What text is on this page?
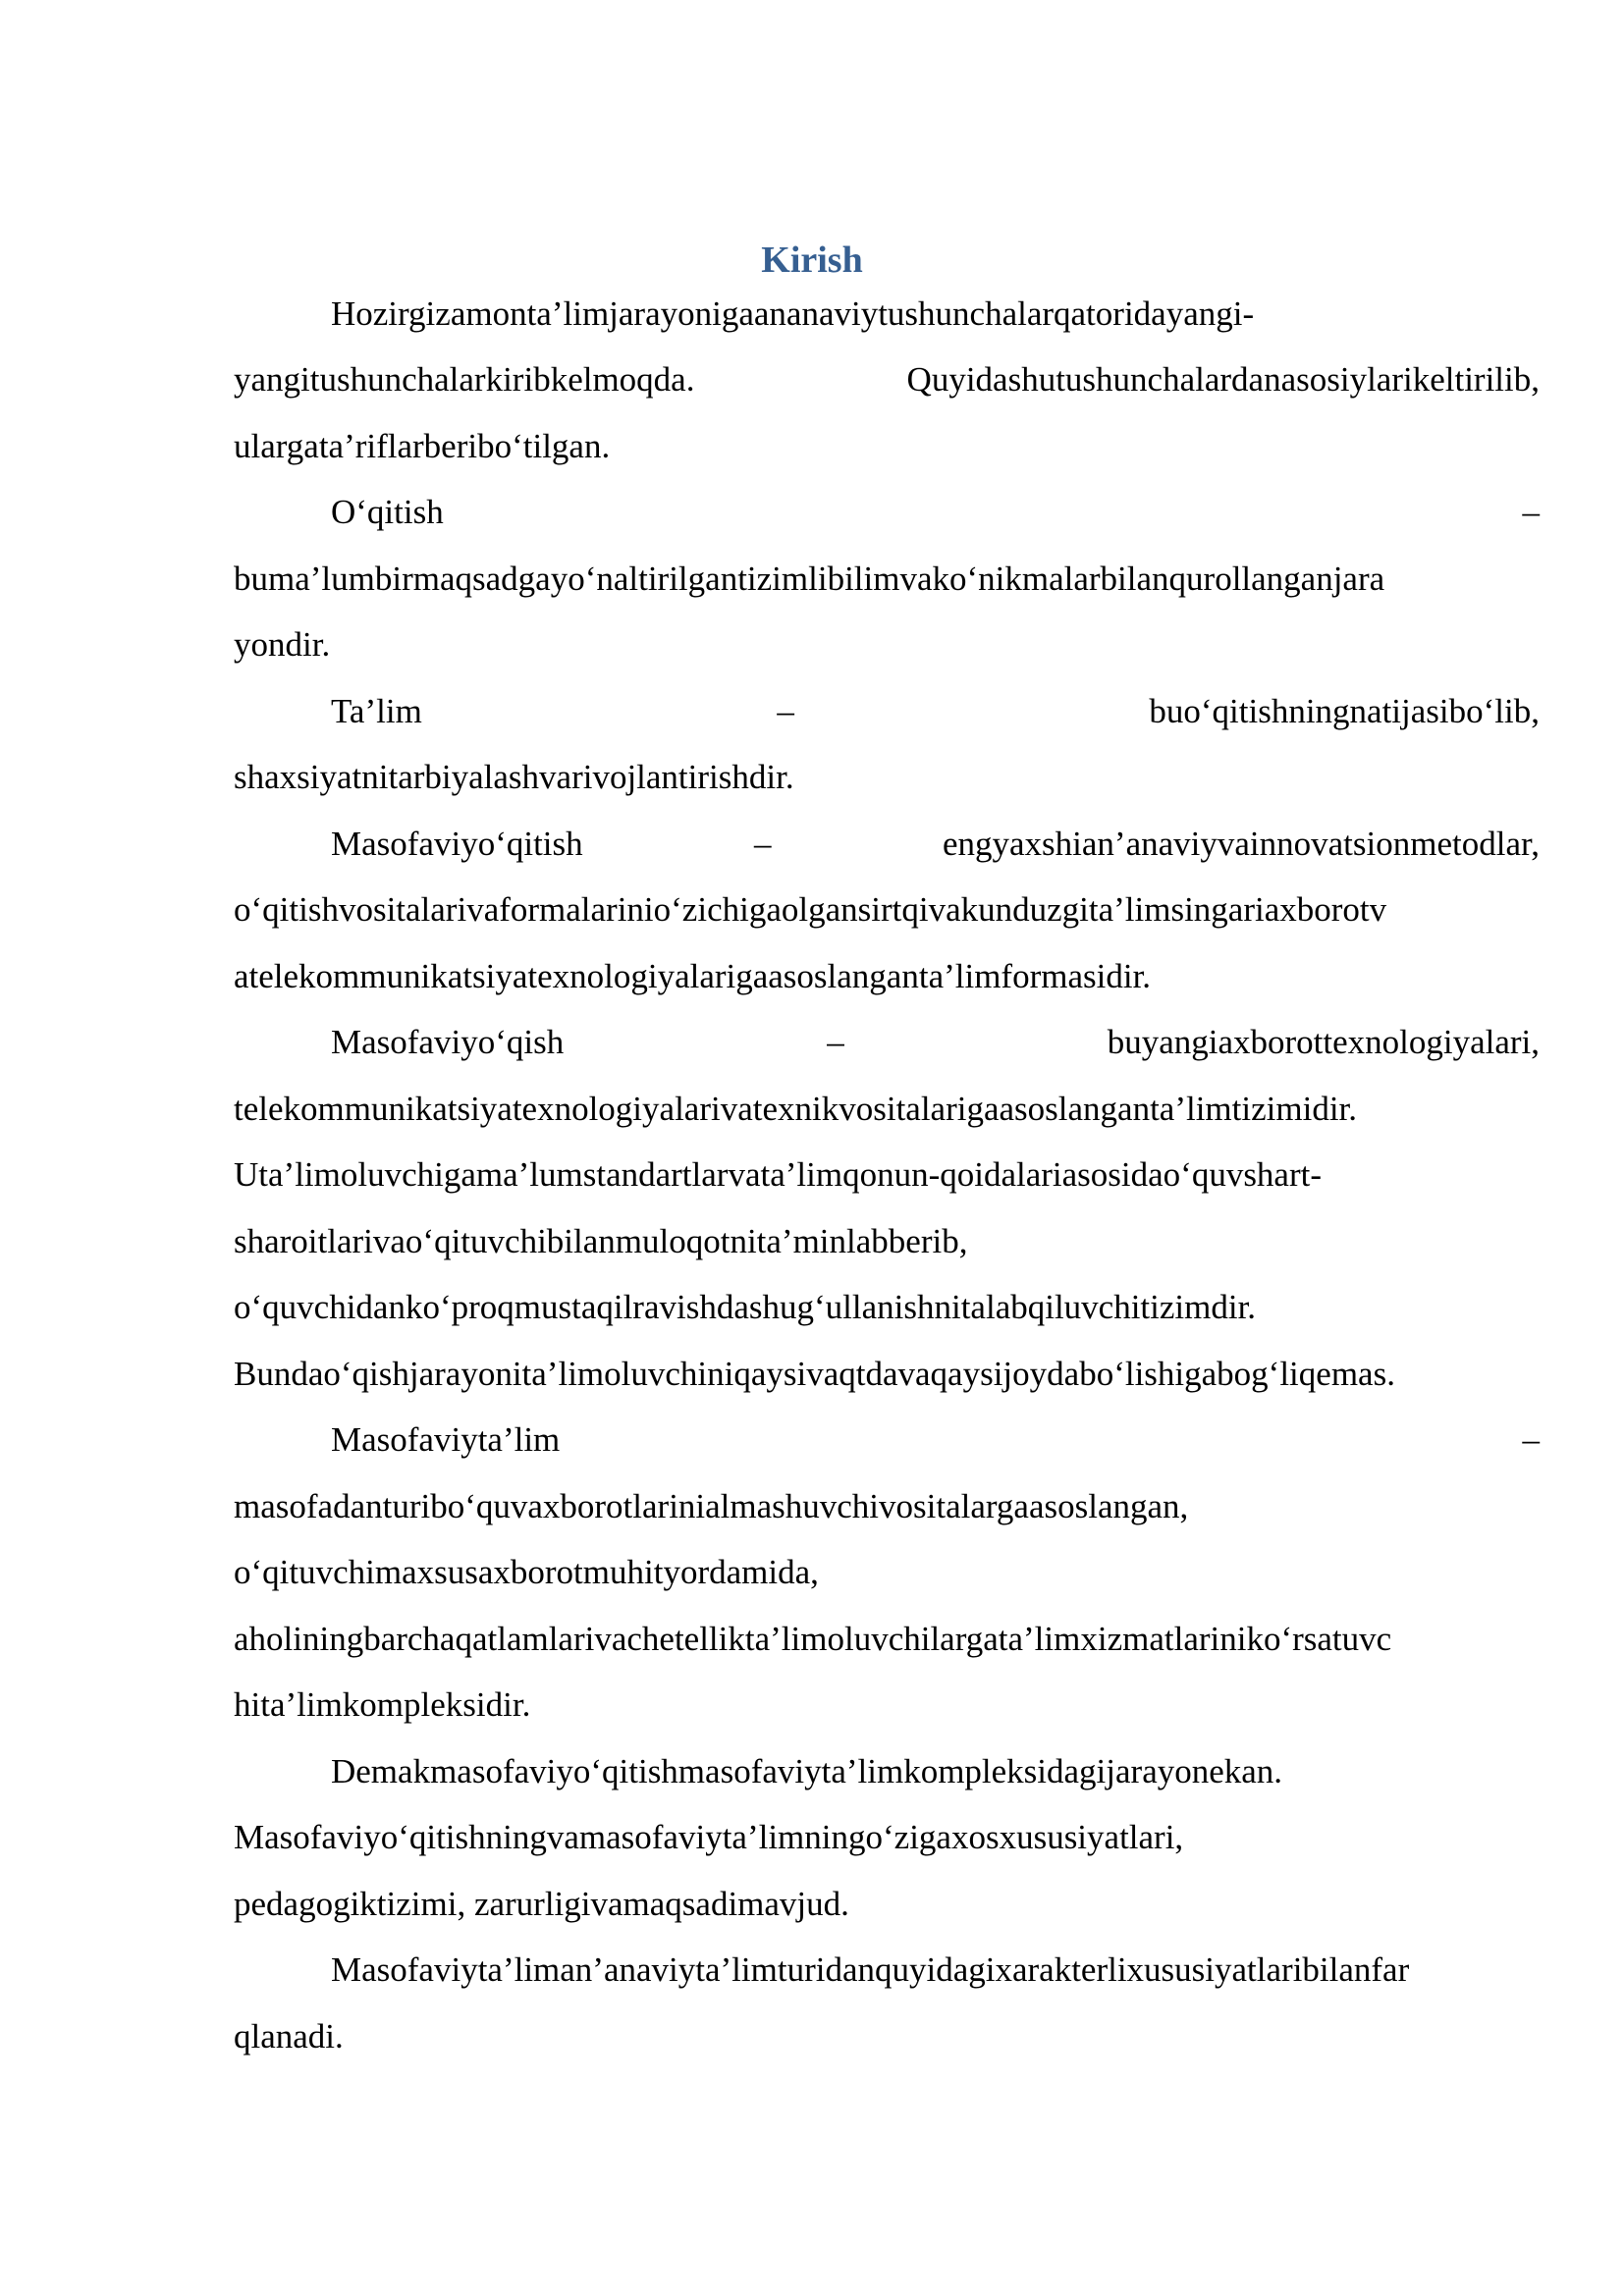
Kirish
Hozirgizamonta’limjarayonigaananaviytushunchalarqatoridayangi-
yangitushunchalarkiribkelmoqda. Quyidashutushunchalardanasosiylarikeltirilib,
ulargata’riflarberibo‘tilgan.
O‘qitish –
buma’lumbirmaqsadgayo‘naltirilgantizimlibilimvako‘nikmalarbilanqurollanganjara
yondir.
Ta’lim – buo‘qitishningnatijasibo‘lib,
shaxsiyatnitarbiyalashvarivojlantirishdir.
Masofaviyo‘qitish – engyaxshian’anaviyvainnovatsionmetodlar,
o‘qitishvositalarivaformalarinio‘zichigaolgansirtqivakunduzgita’limsingariaxborotv
atelekommunikatsiyatexnologiyalarigaasoslanganta’limformasidir.
Masofaviyo‘qish – buyangiaxborottexnologiyalari,
telekommunikatsiyatexnologiyalarivatexnikvositalarigaasoslanganta’limtizimidir.
Uta’limoluvchigama’lumstandartlarvata’limqonun-qoidalariasosidao‘quvshart-
sharoitlarivao‘qituvchibilanmuloqotnita’minlabberib,
o‘quvchidanko‘proqmustaqilravishdashug‘ullanishnitalabqiluvchitizimdir.
Bundao‘qishjarayonita’limoluvchiniqaysivaqtdavaqaysijoydabo‘lishigabog‘liqemas.
Masofaviyta’lim –
masofadanturibo‘quvaxborotlarinialmashuvchivositalargaasoslangan,
o‘qituvchimaxsusaxborotmuhityordamida,
aholiningbarchaqatlamlarivachetellikta’limoluvchilargata’limxizmatlariniko‘rsatuvc
hita’limkompleksidir.
Demakmasofaviyo‘qitishmasofaviyta’limkompleksidagijarayonekan.
Masofaviyo‘qitishningvamasofaviyta’limningo‘zigaxosxususiyatlari,
pedagogiktizimi, zarurligivamaqsadimavjud.
Masofaviyta’liman’anaviyta’limturidanquyidagixarakterlixususiyatlaribilanfar
qlanadi.
